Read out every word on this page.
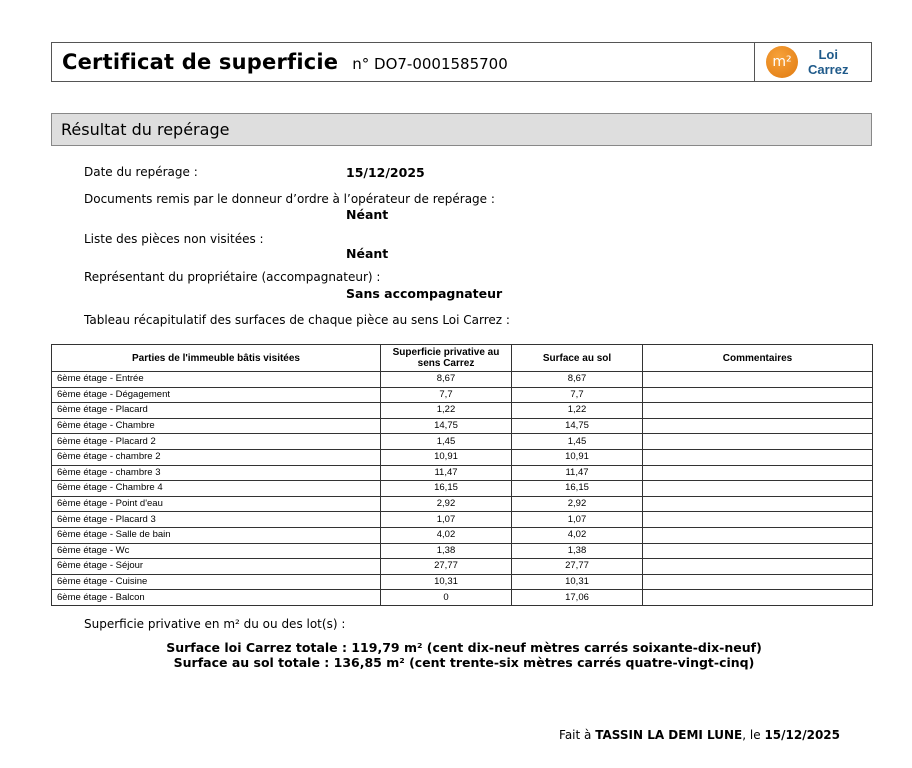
Certificat de superficie n° DO7-0001585700	m²	Loi
Carrez
Résultat du repérage
Date du repérage :	15/12/2025
Documents remis par le donneur d’ordre à l’opérateur de repérage :
Néant
Liste des pièces non visitées :
Néant
Représentant du propriétaire (accompagnateur) :
Sans accompagnateur
Tableau récapitulatif des surfaces de chaque pièce au sens Loi Carrez :
Parties de l'immeuble bâtis visitées	Superficie privative au sens Carrez	Surface au sol	Commentaires
6ème étage - Entrée	8,67	8,67	
6ème étage - Dégagement	7,7	7,7	
6ème étage - Placard	1,22	1,22	
6ème étage - Chambre	14,75	14,75	
6ème étage - Placard 2	1,45	1,45	
6ème étage - chambre 2	10,91	10,91	
6ème étage - chambre 3	11,47	11,47	
6ème étage - Chambre 4	16,15	16,15	
6ème étage - Point d'eau	2,92	2,92	
6ème étage - Placard 3	1,07	1,07	
6ème étage - Salle de bain	4,02	4,02	
6ème étage - Wc	1,38	1,38	
6ème étage - Séjour	27,77	27,77	
6ème étage - Cuisine	10,31	10,31	
6ème étage - Balcon	0	17,06	
Superficie privative en m² du ou des lot(s) :
Surface loi Carrez totale : 119,79 m² (cent dix-neuf mètres carrés soixante-dix-neuf)
Surface au sol totale : 136,85 m² (cent trente-six mètres carrés quatre-vingt-cinq)
Fait à TASSIN LA DEMI LUNE, le 15/12/2025
